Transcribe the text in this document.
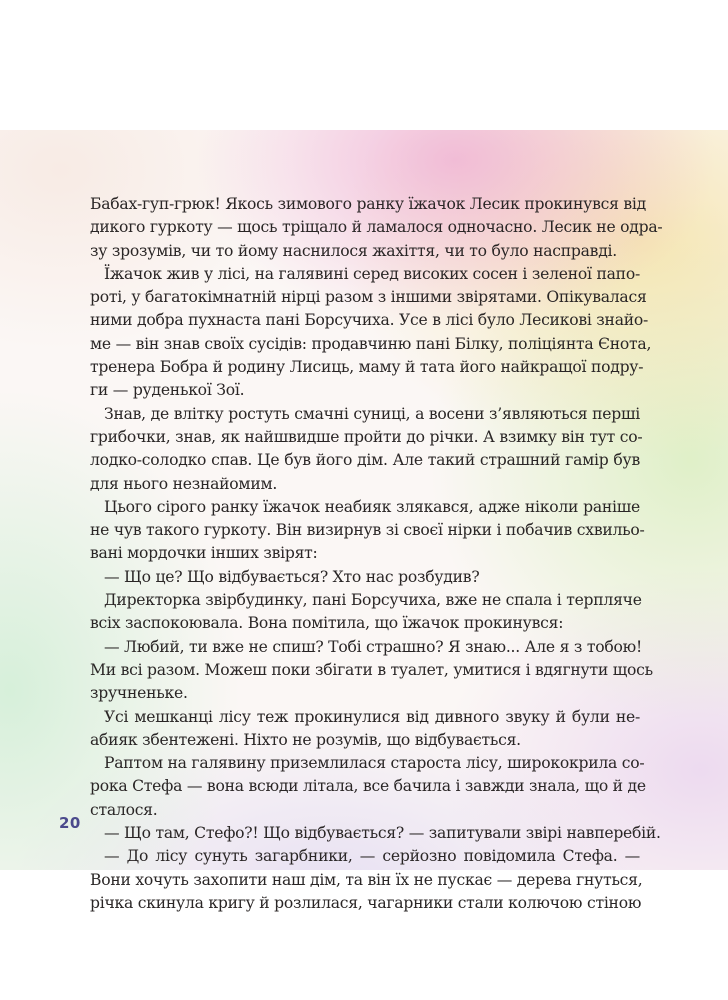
Бабах-гуп-грюк! Якось зимового ранку їжачок Лесик прокинувся від
дикого гуркоту — щось тріщало й ламалося одночасно. Лесик не одра-
зу зрозумів, чи то йому наснилося жахіття, чи то було насправді.
Їжачок жив у лісі, на галявині серед високих сосен і зеленої папо-
роті, у багатокімнатній нірці разом з іншими звірятами. Опікувалася
ними добра пухнаста пані Борсучиха. Усе в лісі було Лесикові знайо-
ме — він знав своїх сусідів: продавчиню пані Білку, поліціянта Єнота,
тренера Бобра й родину Лисиць, маму й тата його найкращої подру-
ги — руденької Зої.
Знав, де влітку ростуть смачні суниці, а восени з’являються перші
грибочки, знав, як найшвидше пройти до річки. А взимку він тут со-
лодко-солодко спав. Це був його дім. Але такий страшний гамір був
для нього незнайомим.
Цього сірого ранку їжачок неабияк злякався, адже ніколи раніше
не чув такого гуркоту. Він визирнув зі своєї нірки і побачив схвильо-
вані мордочки інших звірят:
— Що це? Що відбувається? Хто нас розбудив?
Директорка звірбудинку, пані Борсучиха, вже не спала і терпляче
всіх заспокоювала. Вона помітила, що їжачок прокинувся:
— Любий, ти вже не спиш? Тобі страшно? Я знаю... Але я з тобою!
Ми всі разом. Можеш поки збігати в туалет, умитися і вдягнути щось
зручненьке.
Усі мешканці лісу теж прокинулися від дивного звуку й були не-
абияк збентежені. Ніхто не розумів, що відбувається.
Раптом на галявину приземлилася староста лісу, ширококрила со-
рока Стефа — вона всюди літала, все бачила і завжди знала, що й де
сталося.
— Що там, Стефо?! Що відбувається? — запитували звірі навперебій.
— До лісу сунуть загарбники, — серйозно повідомила Стефа. —
Вони хочуть захопити наш дім, та він їх не пускає — дерева гнуться,
річка скинула кригу й розлилася, чагарники стали колючою стіною
20
